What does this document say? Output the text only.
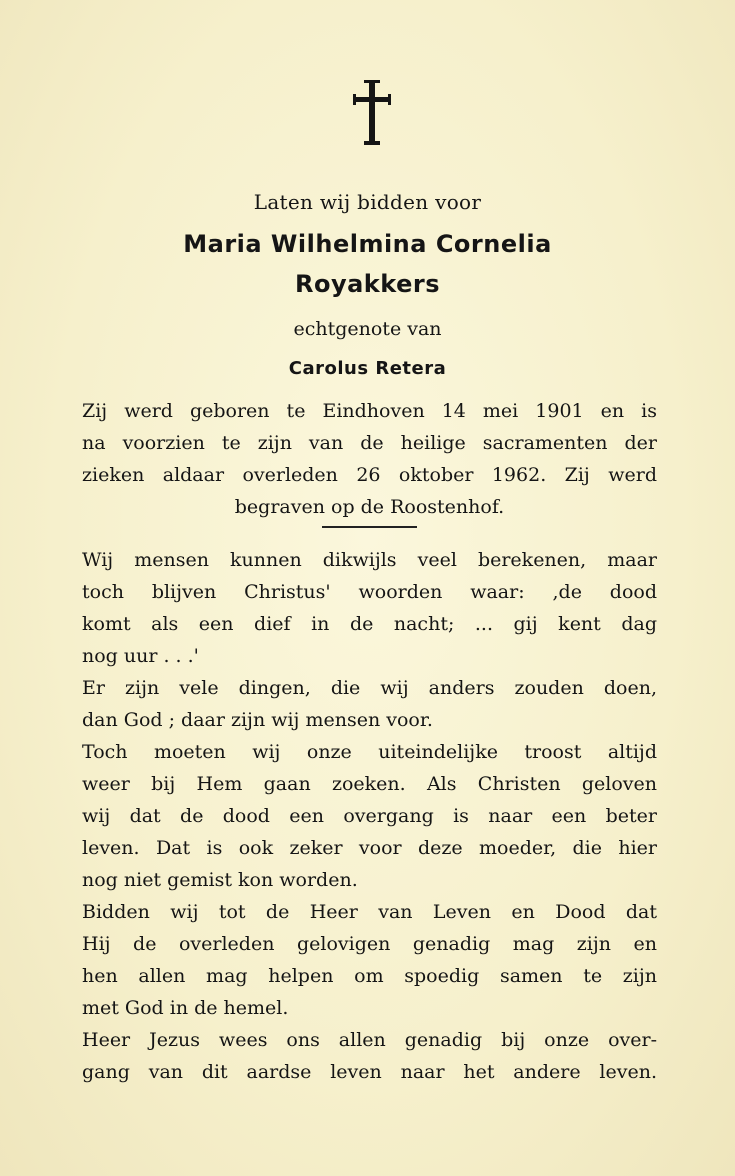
Laten wij bidden voor
Maria Wilhelmina Cornelia
Royakkers
echtgenote van
Carolus Retera
Zij werd geboren te Eindhoven 14 mei 1901 en is
na voorzien te zijn van de heilige sacramenten der
zieken aldaar overleden 26 oktober 1962. Zij werd
begraven op de Roostenhof.
Wij mensen kunnen dikwijls veel berekenen, maar
toch blijven Christus' woorden waar: ,de dood
komt als een dief in de nacht; ... gij kent dag
nog uur . . .'
Er zijn vele dingen, die wij anders zouden doen,
dan God ; daar zijn wij mensen voor.
Toch moeten wij onze uiteindelijke troost altijd
weer bij Hem gaan zoeken. Als Christen geloven
wij dat de dood een overgang is naar een beter
leven. Dat is ook zeker voor deze moeder, die hier
nog niet gemist kon worden.
Bidden wij tot de Heer van Leven en Dood dat
Hij de overleden gelovigen genadig mag zijn en
hen allen mag helpen om spoedig samen te zijn
met God in de hemel.
Heer Jezus wees ons allen genadig bij onze over-
gang van dit aardse leven naar het andere leven.
